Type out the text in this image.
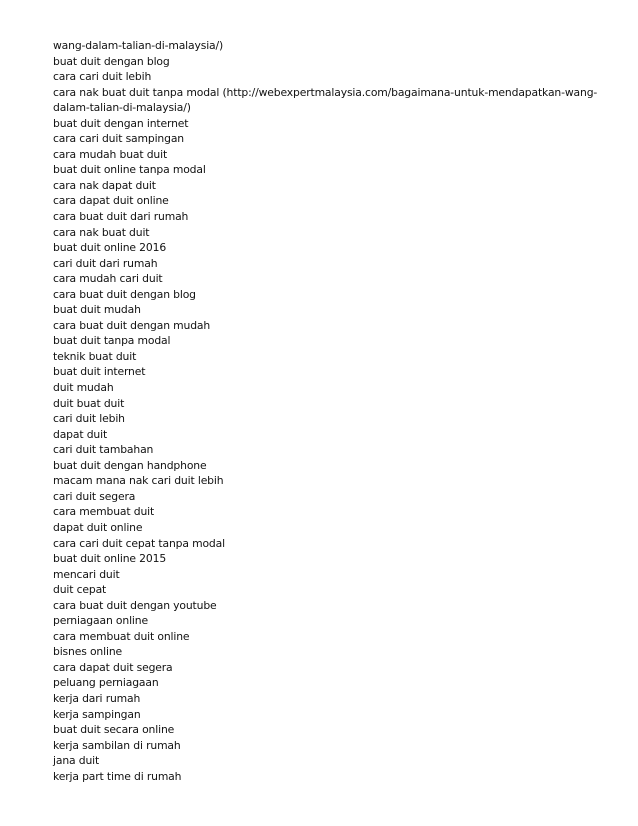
wang-dalam-talian-di-malaysia/)
buat duit dengan blog
cara cari duit lebih
cara nak buat duit tanpa modal (http://webexpertmalaysia.com/bagaimana-untuk-mendapatkan-wang-
dalam-talian-di-malaysia/)
buat duit dengan internet
cara cari duit sampingan
cara mudah buat duit
buat duit online tanpa modal
cara nak dapat duit
cara dapat duit online
cara buat duit dari rumah
cara nak buat duit
buat duit online 2016
cari duit dari rumah
cara mudah cari duit
cara buat duit dengan blog
buat duit mudah
cara buat duit dengan mudah
buat duit tanpa modal
teknik buat duit
buat duit internet
duit mudah
duit buat duit
cari duit lebih
dapat duit
cari duit tambahan
buat duit dengan handphone
macam mana nak cari duit lebih
cari duit segera
cara membuat duit
dapat duit online
cara cari duit cepat tanpa modal
buat duit online 2015
mencari duit
duit cepat
cara buat duit dengan youtube
perniagaan online
cara membuat duit online
bisnes online
cara dapat duit segera
peluang perniagaan
kerja dari rumah
kerja sampingan
buat duit secara online
kerja sambilan di rumah
jana duit
kerja part time di rumah
